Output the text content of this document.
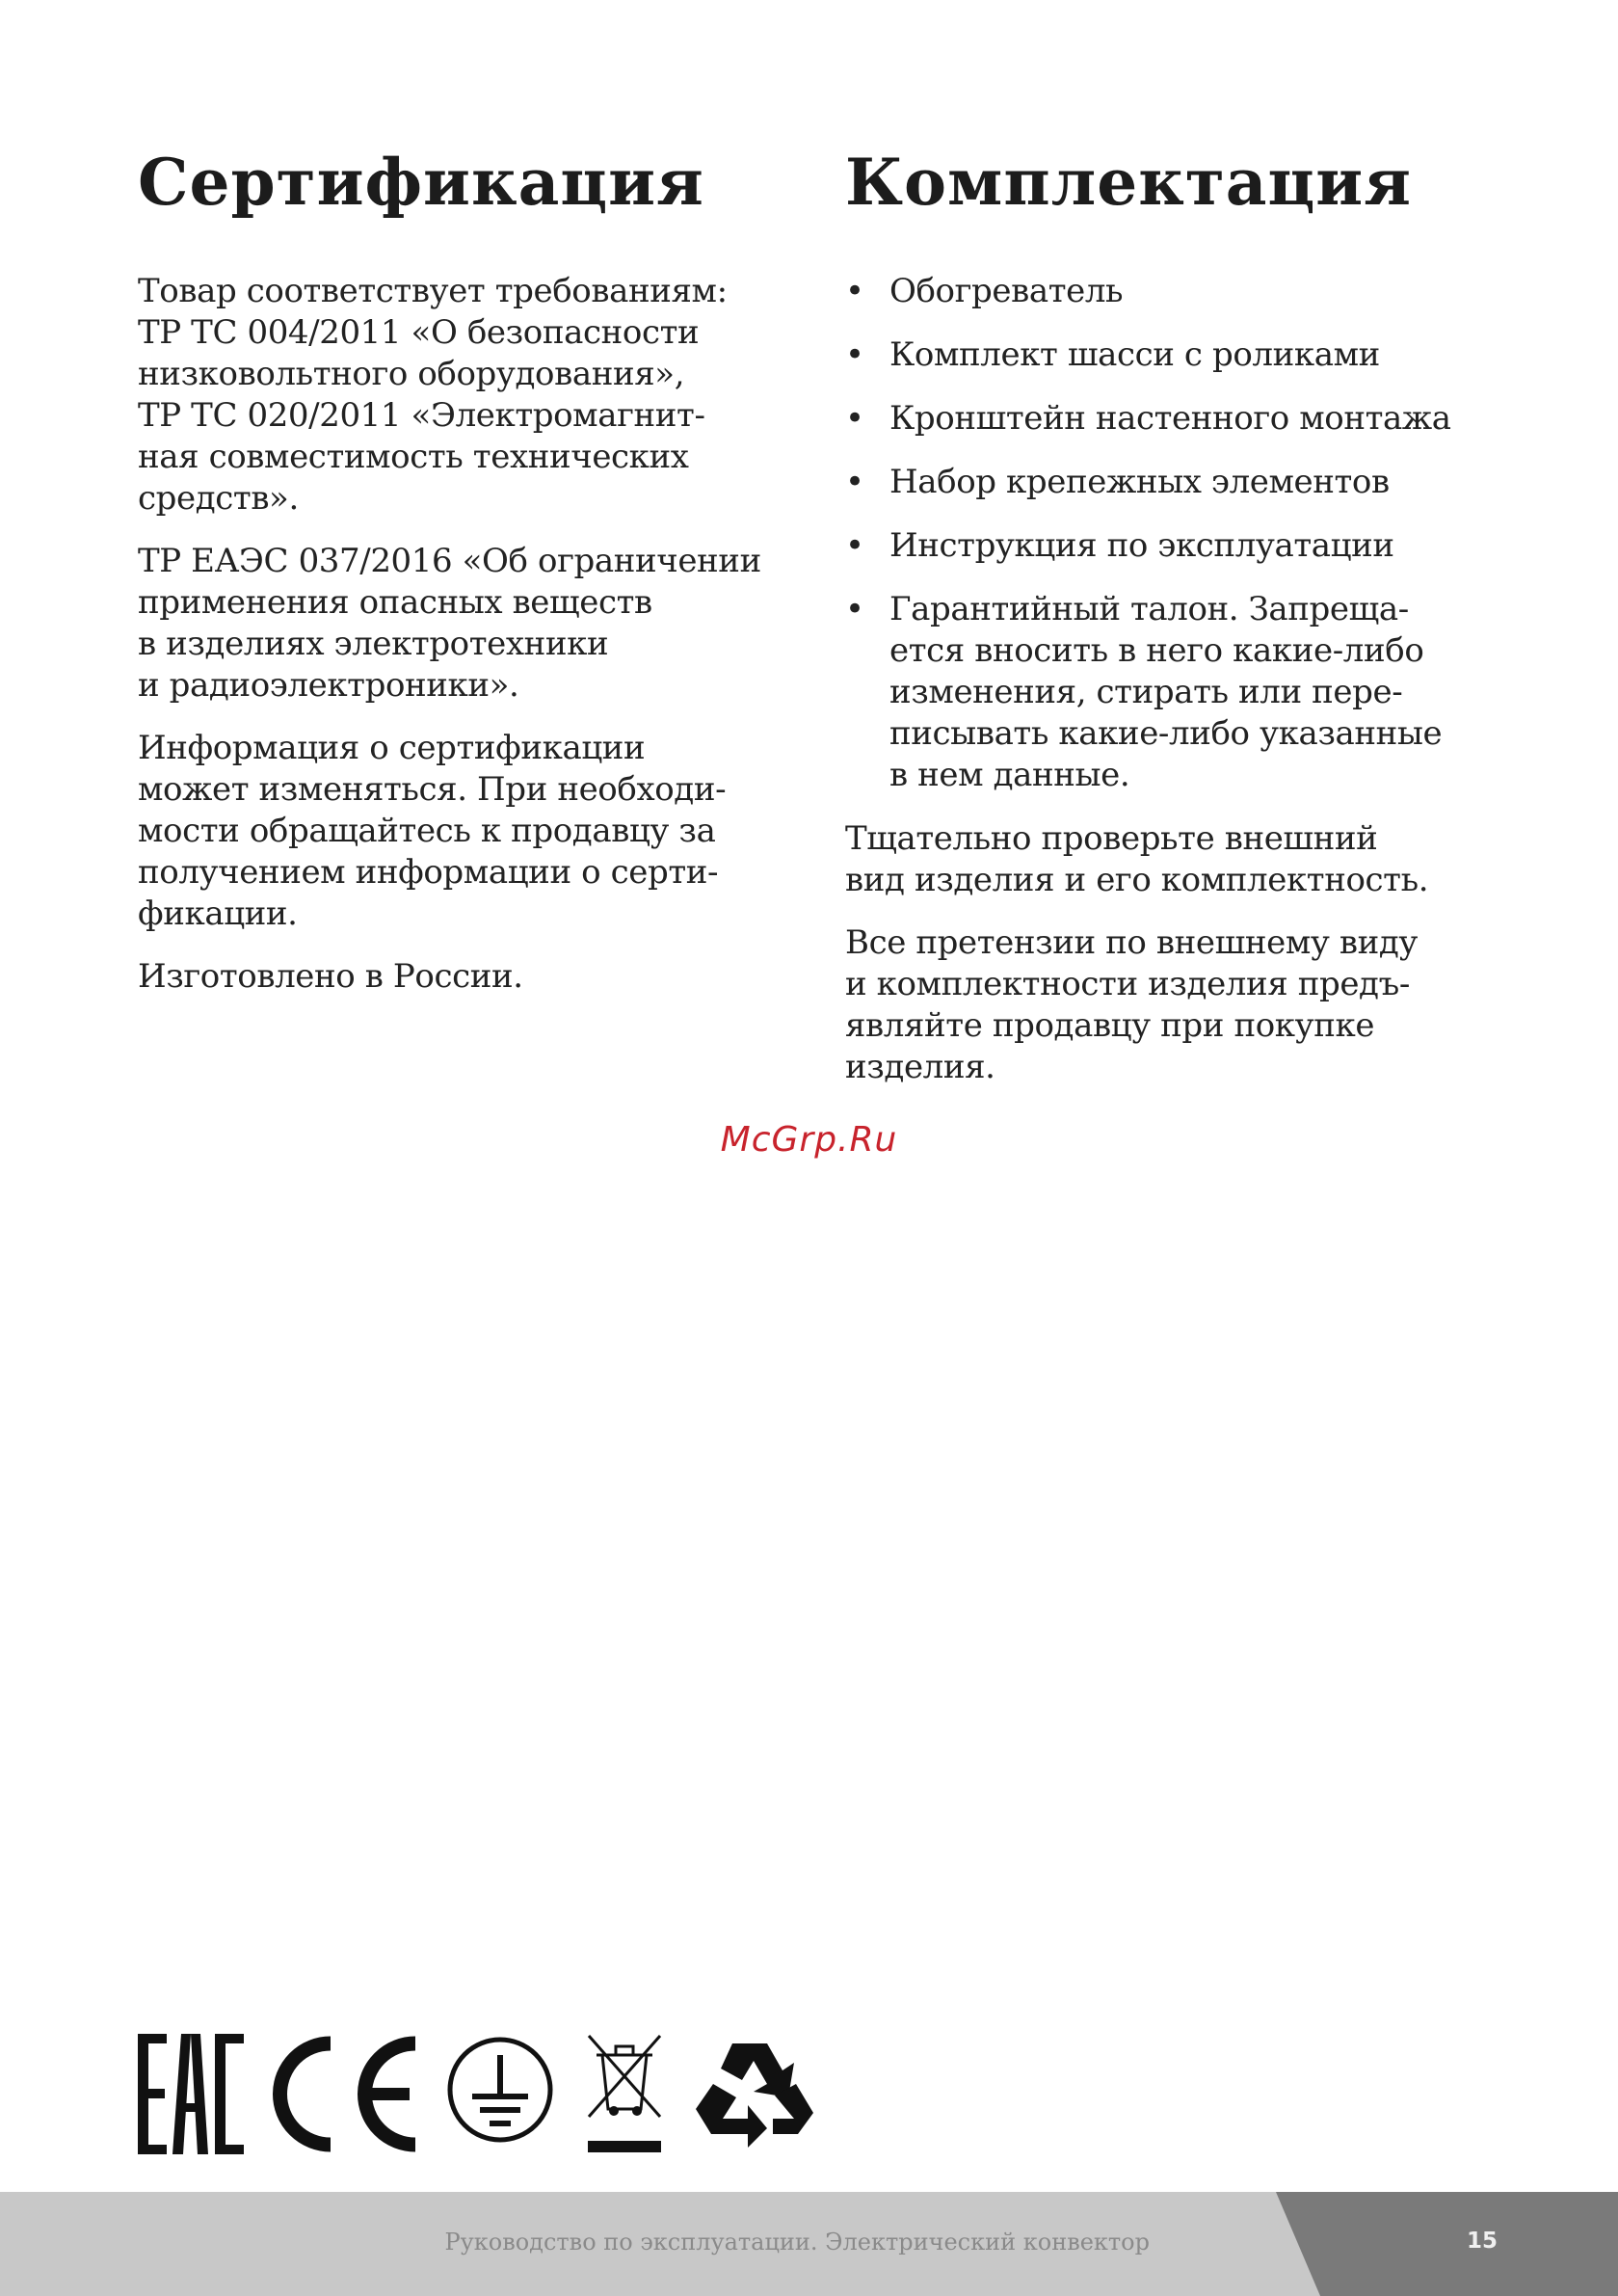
Сертификация

Товар соответствует требованиям:
ТР ТС 004/2011 «О безопасности
низковольтного оборудования»,
ТР ТС 020/2011 «Электромагнит-
ная совместимость технических
средств».

ТР ЕАЭС 037/2016 «Об ограничении
применения опасных веществ
в изделиях электротехники
и радиоэлектроники».

Информация о сертификации
может изменяться. При необходи-
мости обращайтесь к продавцу за
получением информации о серти-
фикации.

Изготовлено в России.

Комплектация
• Обогреватель
• Комплект шасси с роликами
• Кронштейн настенного монтажа
• Набор крепежных элементов
• Инструкция по эксплуатации
• Гарантийный талон. Запреща-
ется вносить в него какие-либо
изменения, стирать или пере-
писывать какие-либо указанные
в нем данные.

Тщательно проверьте внешний
вид изделия и его комплектность.

Все претензии по внешнему виду
и комплектности изделия предъ-
являйте продавцу при покупке
изделия.

McGrp.Ru
Руководство по эксплуатации. Электрический конвектор	15
